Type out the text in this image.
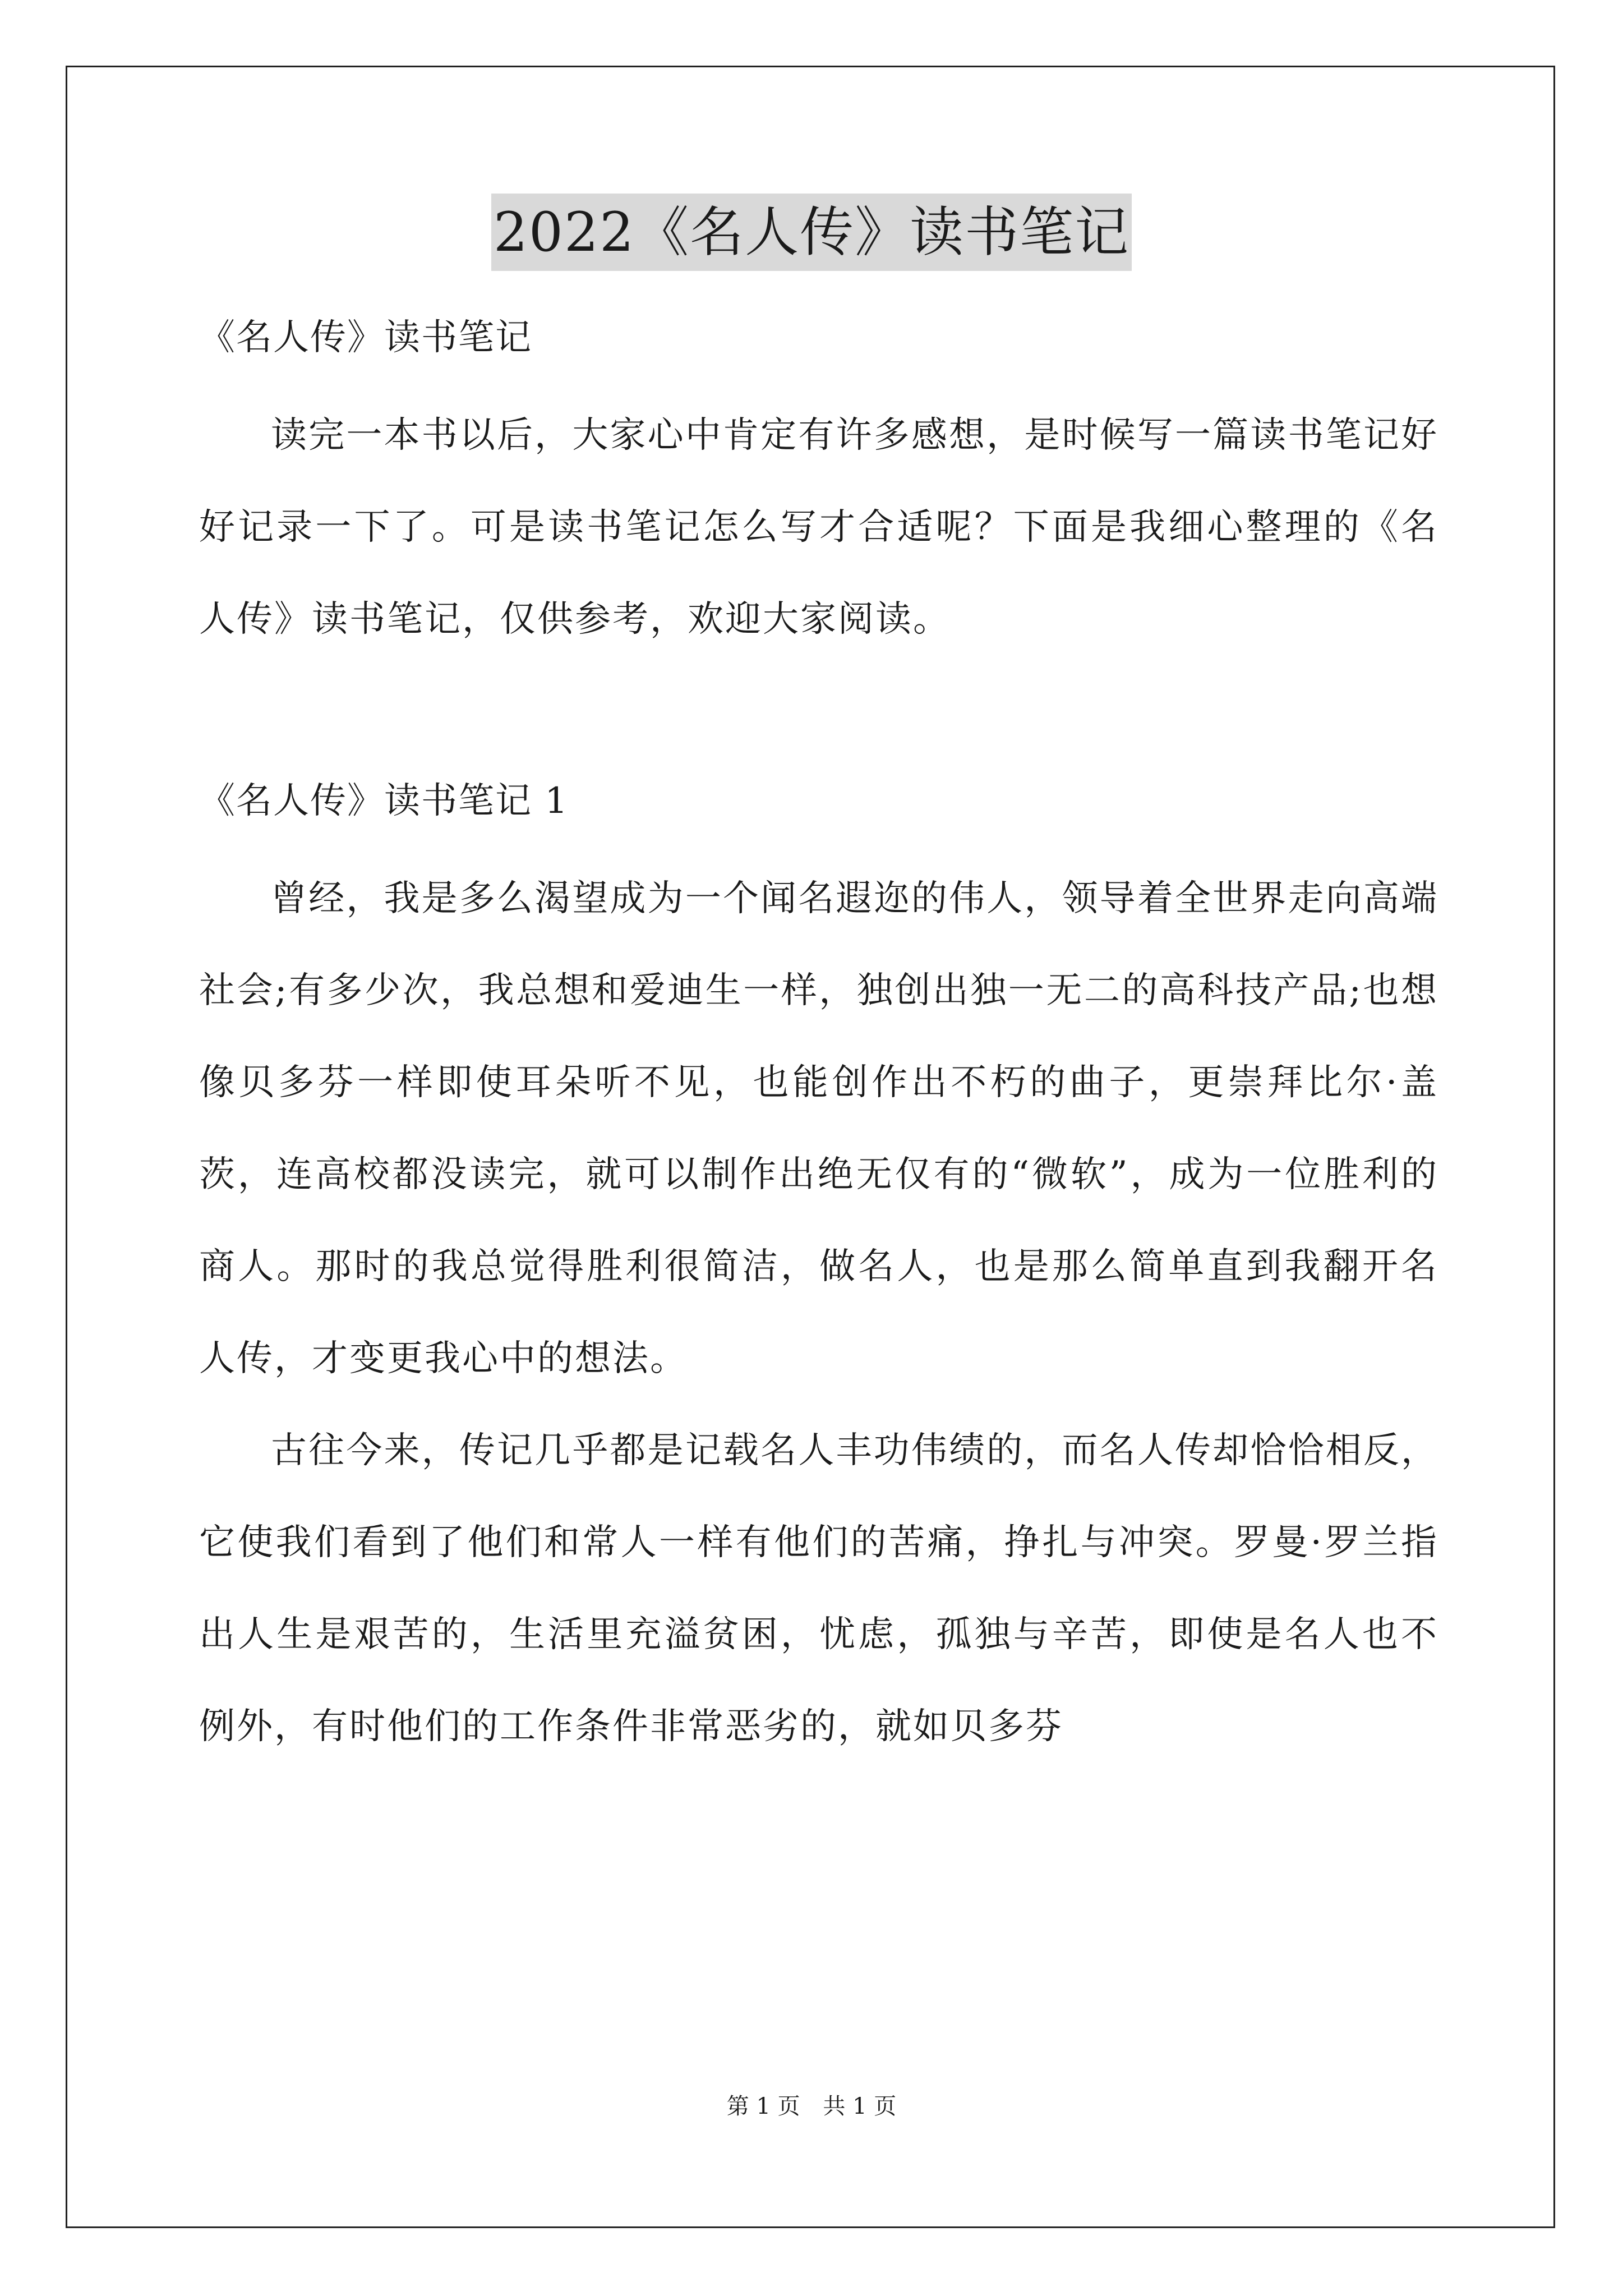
2022《名人传》读书笔记

《名人传》读书笔记

读完一本书以后，大家心中肯定有许多感想，是时候写一篇读书笔记好好记录一下了。可是读书笔记怎么写才合适呢？下面是我细心整理的《名人传》读书笔记，仅供参考，欢迎大家阅读。

《名人传》读书笔记 1

曾经，我是多么渴望成为一个闻名遐迩的伟人，领导着全世界走向高端社会;有多少次，我总想和爱迪生一样，独创出独一无二的高科技产品;也想像贝多芬一样即使耳朵听不见，也能创作出不朽的曲子，更崇拜比尔·盖茨，连高校都没读完，就可以制作出绝无仅有的“微软”，成为一位胜利的商人。那时的我总觉得胜利很简洁，做名人，也是那么简单直到我翻开名人传，才变更我心中的想法。

古往今来，传记几乎都是记载名人丰功伟绩的，而名人传却恰恰相反，它使我们看到了他们和常人一样有他们的苦痛，挣扎与冲突。罗曼·罗兰指出人生是艰苦的，生活里充溢贫困，忧虑，孤独与辛苦，即使是名人也不例外，有时他们的工作条件非常恶劣的，就如贝多芬

第 1 页 共 1 页
